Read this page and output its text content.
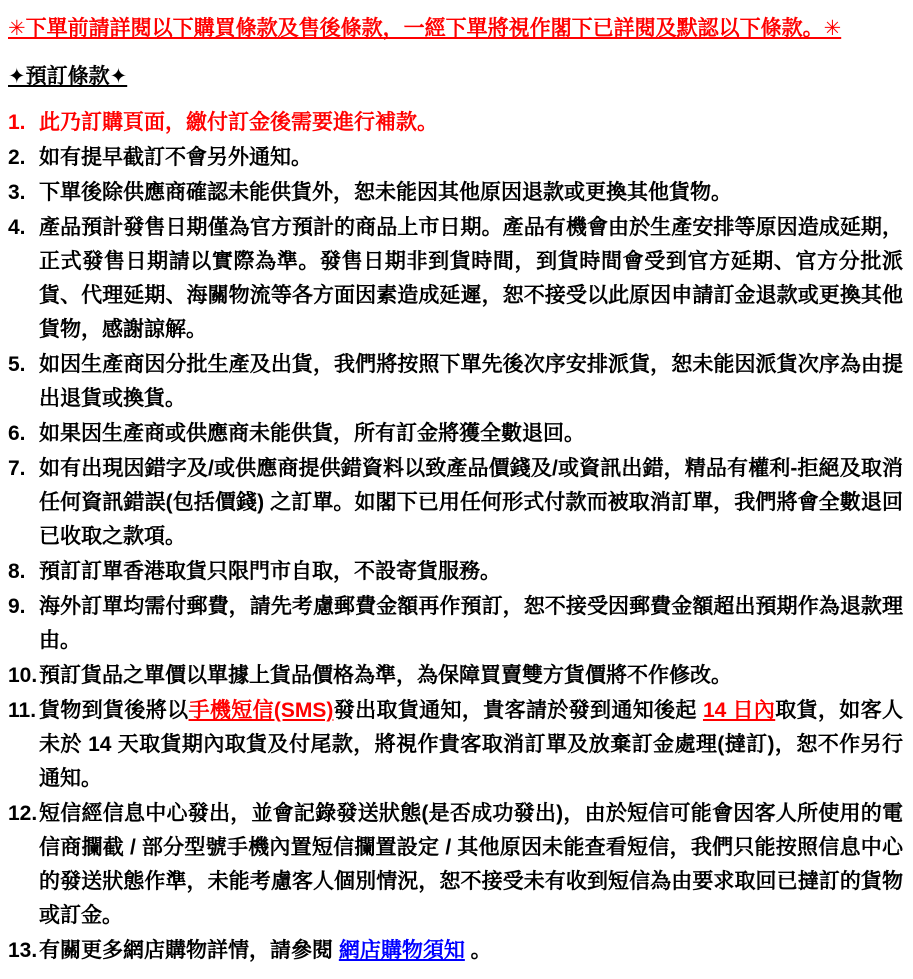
✳下單前請詳閱以下購買條款及售後條款，一經下單將視作閣下已詳閱及默認以下條款。✳

✦預訂條款✦
1. 此乃訂購頁面，繳付訂金後需要進行補款。
2. 如有提早截訂不會另外通知。
3. 下單後除供應商確認未能供貨外，恕未能因其他原因退款或更換其他貨物。
4. 產品預計發售日期僅為官方預計的商品上市日期。產品有機會由於生產安排等原因造成延期，正式發售日期請以實際為準。發售日期非到貨時間，到貨時間會受到官方延期、官方分批派貨、代理延期、海關物流等各方面因素造成延遲，恕不接受以此原因申請訂金退款或更換其他貨物，感謝諒解。
5. 如因生產商因分批生產及出貨，我們將按照下單先後次序安排派貨，恕未能因派貨次序為由提出退貨或換貨。
6. 如果因生產商或供應商未能供貨，所有訂金將獲全數退回。
7. 如有出現因錯字及/或供應商提供錯資料以致產品價錢及/或資訊出錯，精品有權利-拒絕及取消任何資訊錯誤(包括價錢) 之訂單。如閣下已用任何形式付款而被取消訂單，我們將會全數退回已收取之款項。
8. 預訂訂單香港取貨只限門市自取，不設寄貨服務。
9. 海外訂單均需付郵費，請先考慮郵費金額再作預訂，恕不接受因郵費金額超出預期作為退款理由。
10. 預訂貨品之單價以單據上貨品價格為準，為保障買賣雙方貨價將不作修改。
11. 貨物到貨後將以手機短信(SMS)發出取貨通知，貴客請於發到通知後起 14 日內取貨，如客人未於 14 天取貨期內取貨及付尾款，將視作貴客取消訂單及放棄訂金處理(撻訂)，恕不作另行通知。
12. 短信經信息中心發出，並會記錄發送狀態(是否成功發出)，由於短信可能會因客人所使用的電信商攔截 / 部分型號手機內置短信攔置設定 / 其他原因未能查看短信，我們只能按照信息中心的發送狀態作準，未能考慮客人個別情況，恕不接受未有收到短信為由要求取回已撻訂的貨物或訂金。
13. 有關更多網店購物詳情，請參閱 網店購物須知 。
